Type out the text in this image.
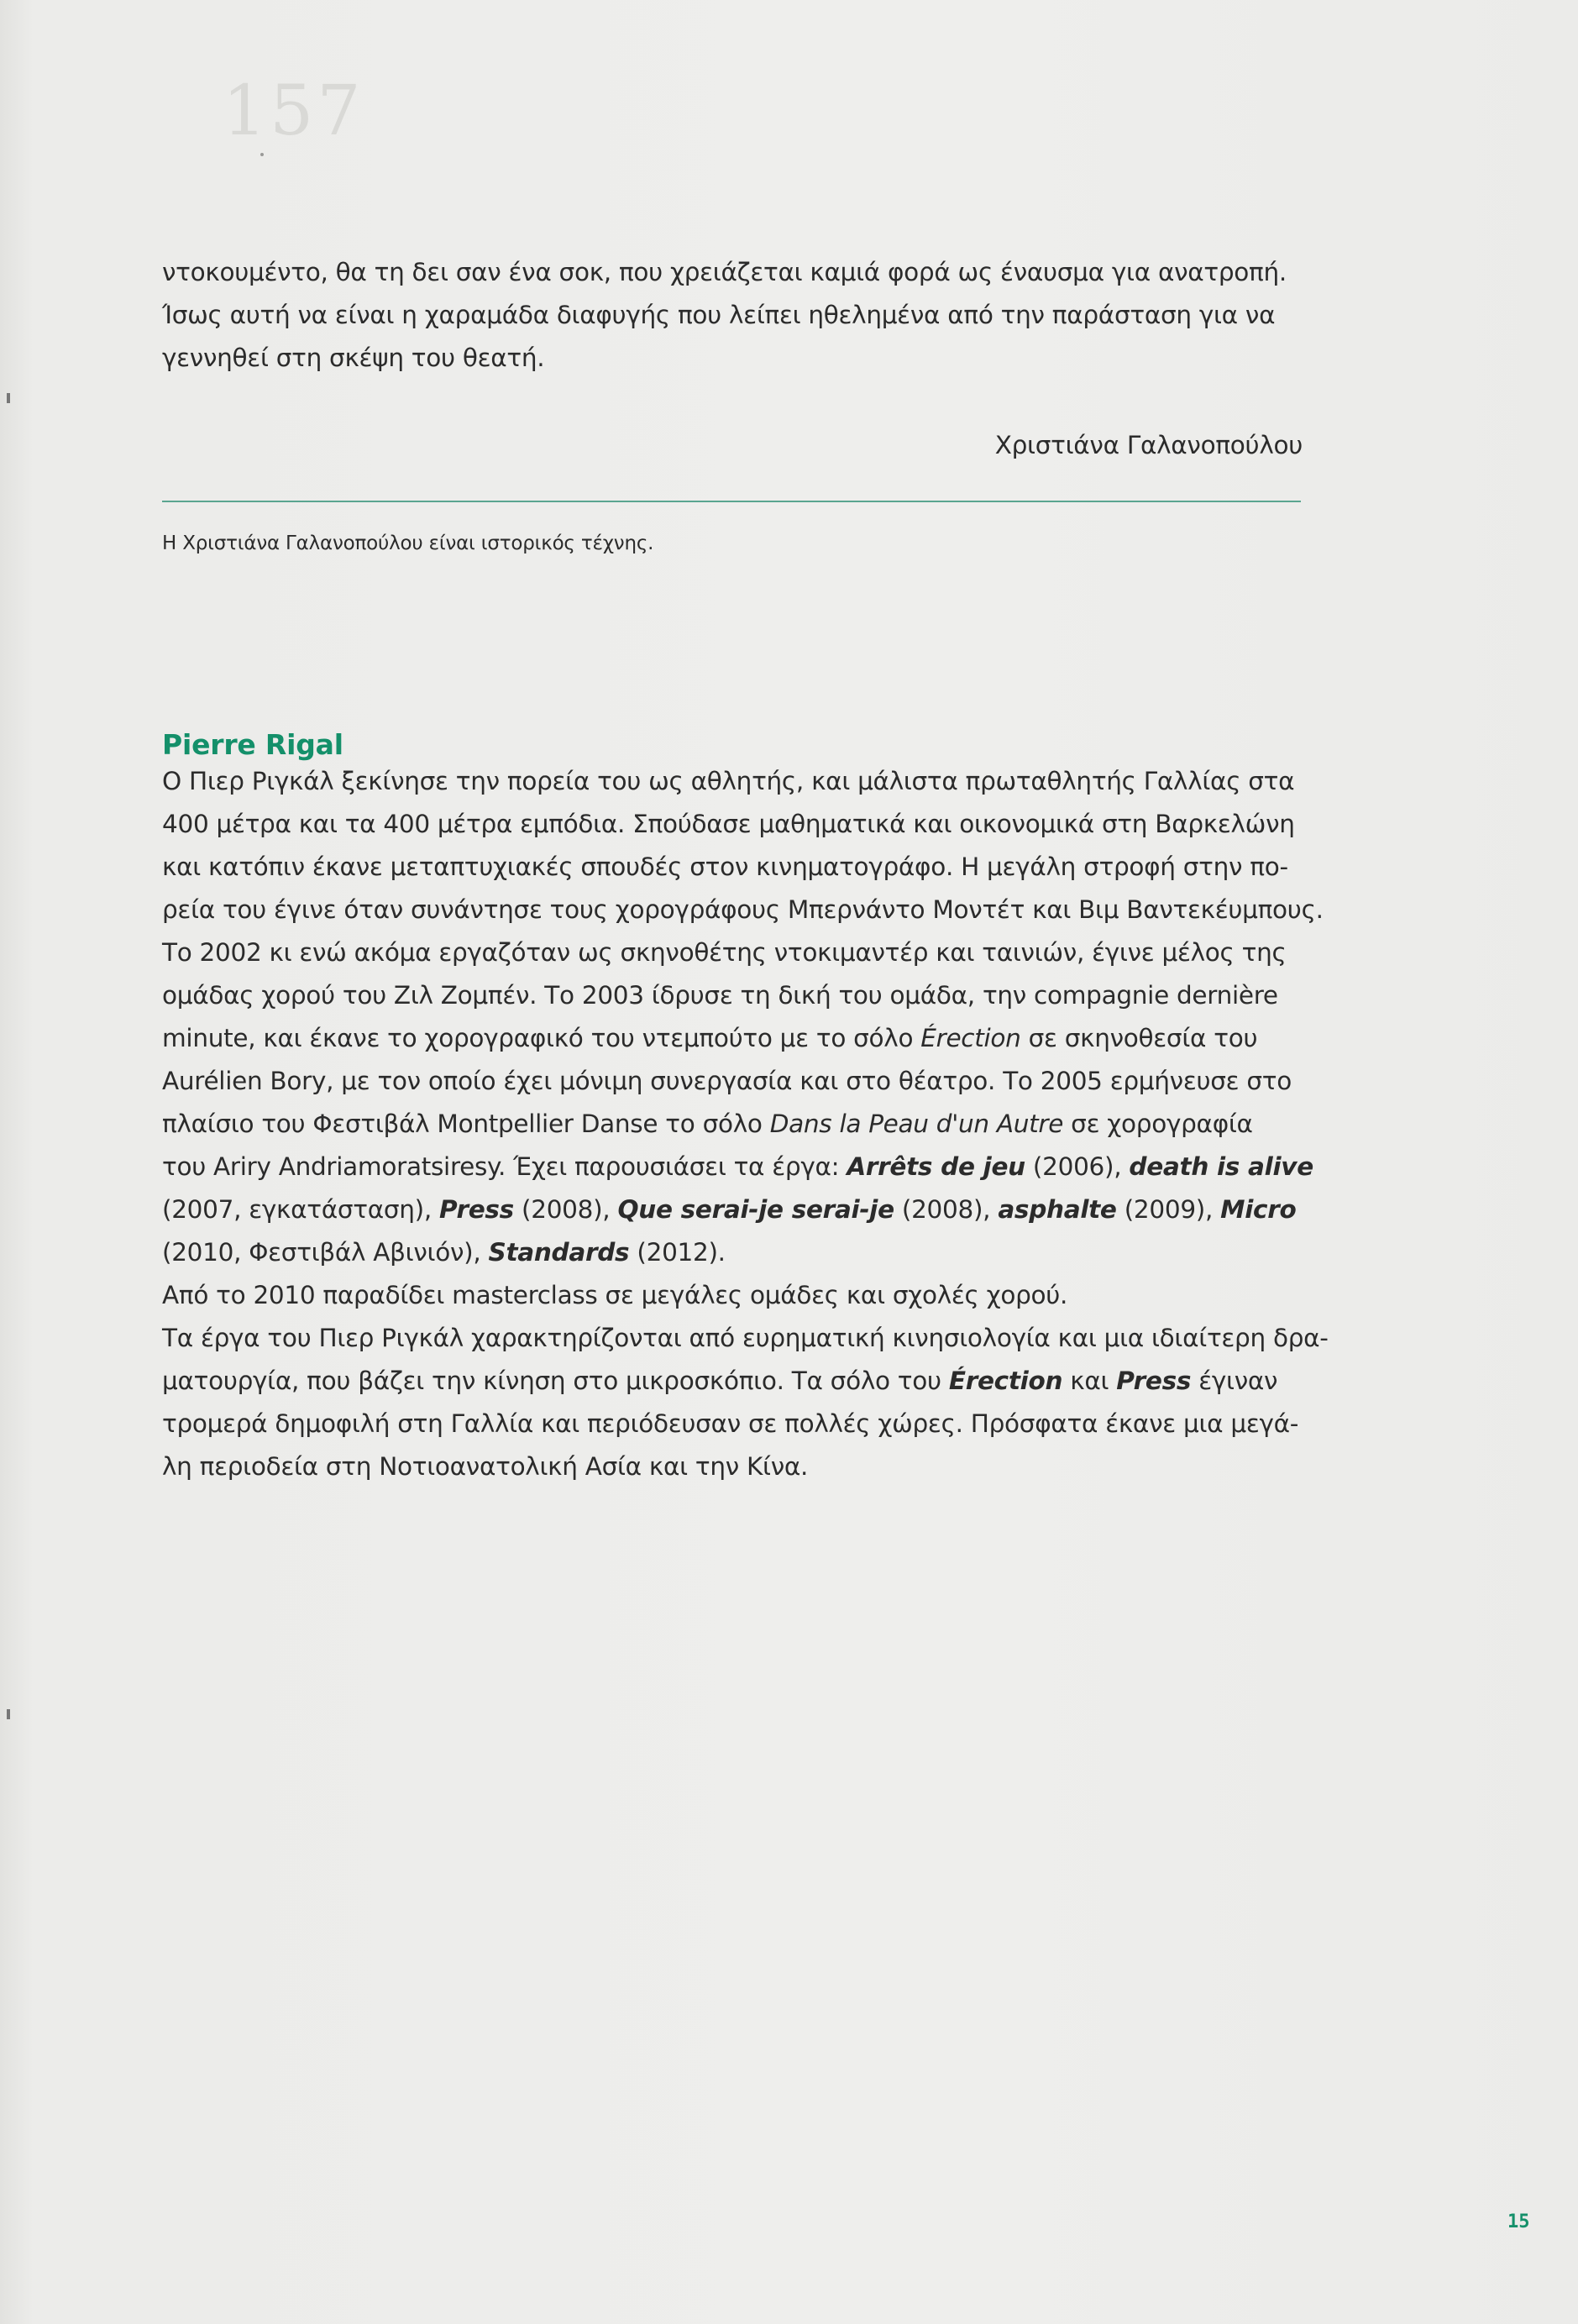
157

ντοκουμέντο, θα τη δει σαν ένα σοκ, που χρειάζεται καμιά φορά ως έναυσμα για ανατροπή.

Ίσως αυτή να είναι η χαραμάδα διαφυγής που λείπει ηθελημένα από την παράσταση για να

γεννηθεί στη σκέψη του θεατή.

Χριστιάνα Γαλανοπούλου
Η Χριστιάνα Γαλανοπούλου είναι ιστορικός τέχνης.
Pierre Rigal

Ο Πιερ Ριγκάλ ξεκίνησε την πορεία του ως αθλητής, και μάλιστα πρωταθλητής Γαλλίας στα

400 μέτρα και τα 400 μέτρα εμπόδια. Σπούδασε μαθηματικά και οικονομικά στη Βαρκελώνη

και κατόπιν έκανε μεταπτυχιακές σπουδές στον κινηματογράφο. Η μεγάλη στροφή στην πο-

ρεία του έγινε όταν συνάντησε τους χορογράφους Μπερνάντο Μοντέτ και Βιμ Βαντεκέυμπους.

Το 2002 κι ενώ ακόμα εργαζόταν ως σκηνοθέτης ντοκιμαντέρ και ταινιών, έγινε μέλος της

ομάδας χορού του Ζιλ Ζομπέν. Το 2003 ίδρυσε τη δική του ομάδα, την compagnie dernière

minute, και έκανε το χορογραφικό του ντεμπούτο με το σόλο Érection σε σκηνοθεσία του

Aurélien Bory, με τον οποίο έχει μόνιμη συνεργασία και στο θέατρο. Το 2005 ερμήνευσε στο

πλαίσιο του Φεστιβάλ Montpellier Danse το σόλο Dans la Peau d'un Autre σε χορογραφία

του Ariry Andriamoratsiresy. Έχει παρουσιάσει τα έργα: Arrêts de jeu (2006), death is alive

(2007, εγκατάσταση), Press (2008), Que serai-je serai-je (2008), asphalte (2009), Micro

(2010, Φεστιβάλ Αβινιόν), Standards (2012).

Από το 2010 παραδίδει masterclass σε μεγάλες ομάδες και σχολές χορού.

Τα έργα του Πιερ Ριγκάλ χαρακτηρίζονται από ευρηματική κινησιολογία και μια ιδιαίτερη δρα-

ματουργία, που βάζει την κίνηση στο μικροσκόπιο. Τα σόλο του Érection και Press έγιναν

τρομερά δημοφιλή στη Γαλλία και περιόδευσαν σε πολλές χώρες. Πρόσφατα έκανε μια μεγά-

λη περιοδεία στη Νοτιοανατολική Ασία και την Κίνα.

15
